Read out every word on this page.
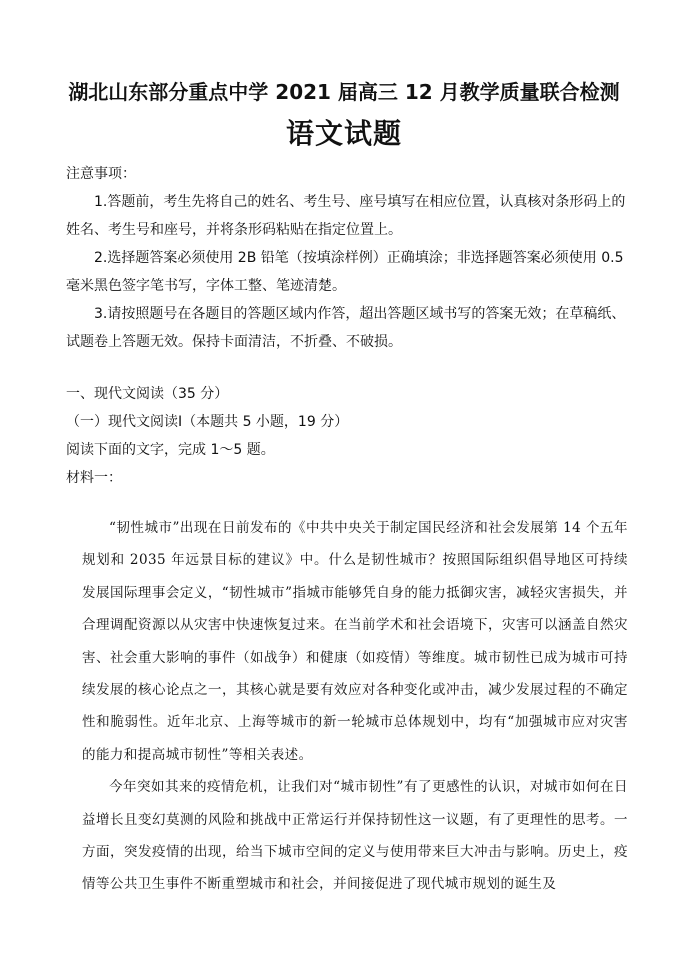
湖北山东部分重点中学 2021 届高三 12 月教学质量联合检测
语文试题

注意事项：

1.答题前，考生先将自己的姓名、考生号、座号填写在相应位置，认真核对条形码上的姓名、考生号和座号，并将条形码粘贴在指定位置上。

2.选择题答案必须使用 2B 铅笔（按填涂样例）正确填涂；非选择题答案必须使用 0.5 毫米黑色签字笔书写，字体工整、笔迹清楚。

3.请按照题号在各题目的答题区域内作答，超出答题区域书写的答案无效；在草稿纸、试题卷上答题无效。保持卡面清洁，不折叠、不破损。

一、现代文阅读（35 分）

（一）现代文阅读Ⅰ（本题共 5 小题，19 分）

阅读下面的文字，完成 1～5 题。

材料一：

“韧性城市”出现在日前发布的《中共中央关于制定国民经济和社会发展第 14 个五年规划和 2035 年远景目标的建议》中。什么是韧性城市？按照国际组织倡导地区可持续发展国际理事会定义，“韧性城市”指城市能够凭自身的能力抵御灾害，减轻灾害损失，并合理调配资源以从灾害中快速恢复过来。在当前学术和社会语境下，灾害可以涵盖自然灾害、社会重大影响的事件（如战争）和健康（如疫情）等维度。城市韧性已成为城市可持续发展的核心论点之一，其核心就是要有效应对各种变化或冲击，减少发展过程的不确定性和脆弱性。近年北京、上海等城市的新一轮城市总体规划中，均有“加强城市应对灾害的能力和提高城市韧性”等相关表述。

今年突如其来的疫情危机，让我们对“城市韧性”有了更感性的认识，对城市如何在日益增长且变幻莫测的风险和挑战中正常运行并保持韧性这一议题，有了更理性的思考。一方面，突发疫情的出现，给当下城市空间的定义与使用带来巨大冲击与影响。历史上，疫情等公共卫生事件不断重塑城市和社会，并间接促进了现代城市规划的诞生及
